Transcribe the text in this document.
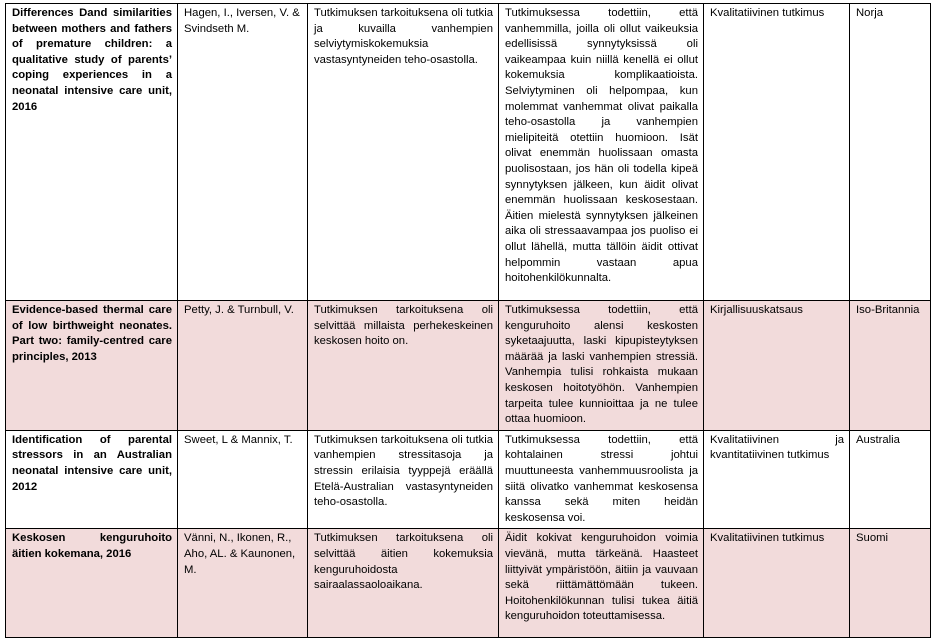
Differences Dand similarities between mothers and fathers of premature children: a qualitative study of parents’ coping experiences in a neonatal intensive care unit, 2016	Hagen, I., Iversen, V. & Svindseth M.	Tutkimuksen tarkoituksena oli tutkia ja kuvailla vanhempien selviytymiskokemuksia vastasyntyneiden teho-osastolla.	Tutkimuksessa todettiin, että vanhemmilla, joilla oli ollut vaikeuksia edellisissä synnytyksissä oli vaikeampaa kuin niillä kenellä ei ollut kokemuksia komplikaatioista. Selviytyminen oli helpompaa, kun molemmat vanhemmat olivat paikalla teho-osastolla ja vanhempien mielipiteitä otettiin huomioon. Isät olivat enemmän huolissaan omasta puolisostaan, jos hän oli todella kipeä synnytyksen jälkeen, kun äidit olivat enemmän huolissaan keskosestaan. Äitien mielestä synnytyksen jälkeinen aika oli stressaavampaa jos puoliso ei ollut lähellä, mutta tällöin äidit ottivat helpommin vastaan apua hoitohenkilökunnalta.	Kvalitatiivinen tutkimus	Norja
Evidence-based thermal care of low birthweight neonates. Part two: family-centred care principles, 2013	Petty, J. & Turnbull, V.	Tutkimuksen tarkoituksena oli selvittää millaista perhekeskeinen keskosen hoito on.	Tutkimuksessa todettiin, että kenguruhoito alensi keskosten syketaajuutta, laski kipupisteytyksen määrää ja laski vanhempien stressiä. Vanhempia tulisi rohkaista mukaan keskosen hoitotyöhön. Vanhempien tarpeita tulee kunnioittaa ja ne tulee ottaa huomioon.	Kirjallisuuskatsaus	Iso-Britannia
Identification of parental stressors in an Australian neonatal intensive care unit, 2012	Sweet, L & Mannix, T.	Tutkimuksen tarkoituksena oli tutkia vanhempien stressitasoja ja stressin erilaisia tyyppejä eräällä Etelä-Australian vastasyntyneiden teho-osastolla.	Tutkimuksessa todettiin, että kohtalainen stressi johtui muuttuneesta vanhemmuusroolista ja siitä olivatko vanhemmat keskosensa kanssa sekä miten heidän keskosensa voi.	Kvalitatiivinen ja kvantitatiivinen tutkimus	Australia
Keskosen kenguruhoito äitien kokemana, 2016	Vänni, N., Ikonen, R., Aho, AL. & Kaunonen, M.	Tutkimuksen tarkoituksena oli selvittää äitien kokemuksia kenguruhoidosta sairaalassaoloaikana.	Äidit kokivat kenguruhoidon voimia vievänä, mutta tärkeänä. Haasteet liittyivät ympäristöön, äitiin ja vauvaan sekä riittämättömään tukeen. Hoitohenkilökunnan tulisi tukea äitiä kenguruhoidon toteuttamisessa.	Kvalitatiivinen tutkimus	Suomi
